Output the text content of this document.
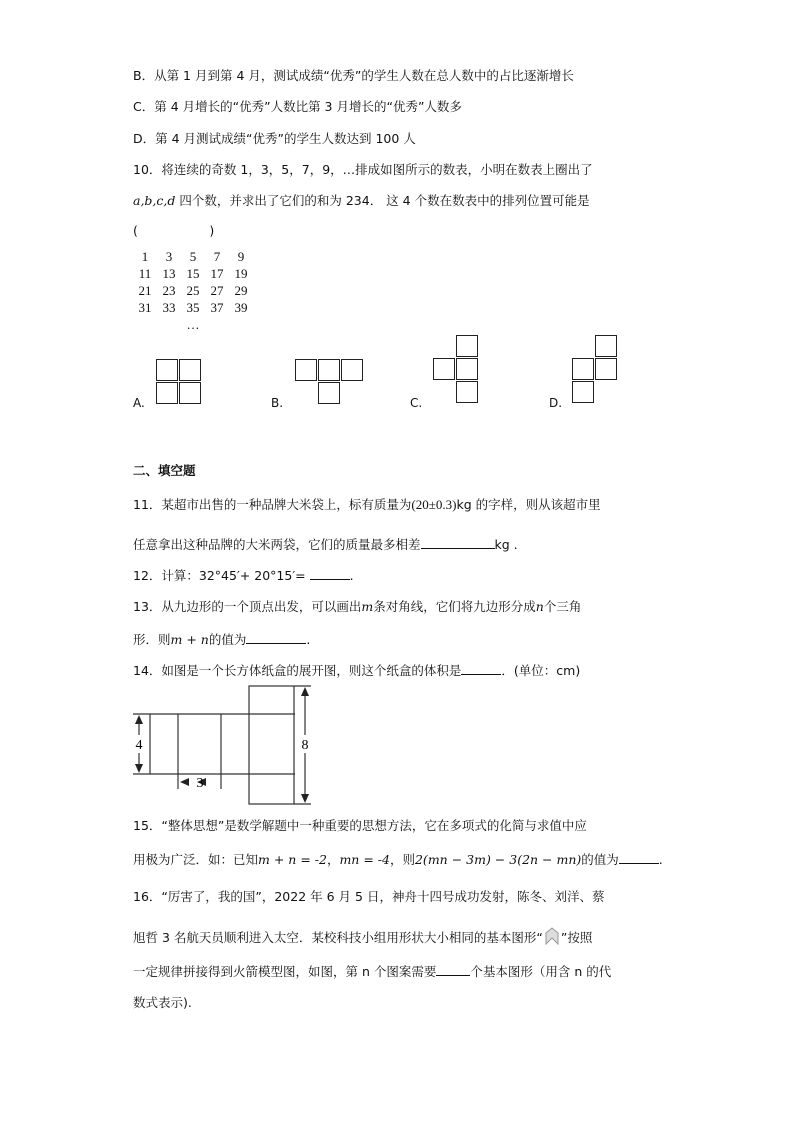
B．从第 1 月到第 4 月，测试成绩“优秀”的学生人数在总人数中的占比逐渐增长
C．第 4 月增长的“优秀”人数比第 3 月增长的“优秀”人数多
D．第 4 月测试成绩“优秀”的学生人数达到 100 人
10．将连续的奇数 1，3，5，7，9，…排成如图所示的数表，小明在数表上圈出了
a,b,c,d 四个数，并求出了它们的和为 234． 这 4 个数在数表中的排列位置可能是
(                  )
1	3	5	7	9
11	13	15	17	19
21	23	25	27	29
31	33	35	37	39
		…		
A.	B.	C.	D.
二、填空题
11．某超市出售的一种品牌大米袋上，标有质量为(20±0.3)kg 的字样，则从该超市里
任意拿出这种品牌的大米两袋，它们的质量最多相差	kg .
12．计算：32°45′+ 20°15′=	.
13．从九边形的一个顶点出发，可以画出m条对角线，它们将九边形分成n个三角
形．则m + n的值为	.
14．如图是一个长方体纸盒的展开图，则这个纸盒的体积是	．(单位：cm)
4	8
3
15．“整体思想”是数学解题中一种重要的思想方法，它在多项式的化简与求值中应
用极为广泛．如：已知m + n = -2，mn = -4，则2(mn − 3m) − 3(2n − mn)的值为	.
16．“厉害了，我的国”，2022 年 6 月 5 日，神舟十四号成功发射，陈冬、刘洋、蔡
旭哲 3 名航天员顺利进入太空．某校科技小组用形状大小相同的基本图形“ ”按照
一定规律拼接得到火箭模型图，如图，第 n 个图案需要	个基本图形（用含 n 的代
数式表示).
